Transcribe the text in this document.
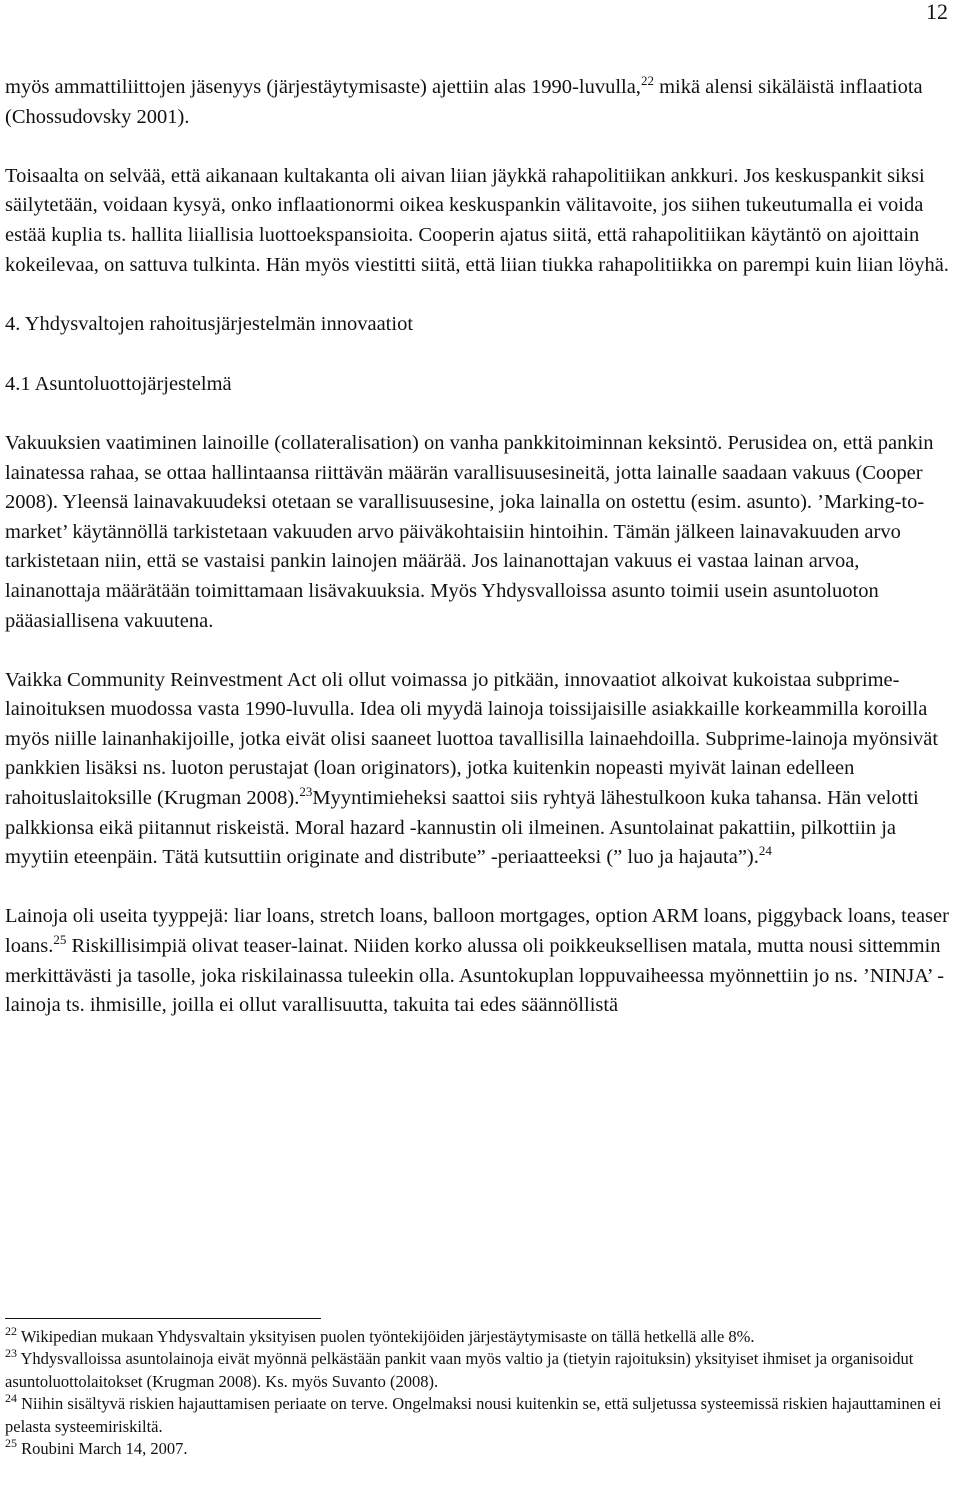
12

myös ammattiliittojen jäsenyys (järjestäytymisaste) ajettiin alas 1990-luvulla,$^{22}$ mikä alensi sikäläistä inflaatiota (Chossudovsky 2001).

Toisaalta on selvää, että aikanaan kultakanta oli aivan liian jäykkä rahapolitiikan ankkuri. Jos keskuspankit siksi säilytetään, voidaan kysyä, onko inflaationormi oikea keskuspankin välitavoite, jos siihen tukeutumalla ei voida estää kuplia ts. hallita liiallisia luottoekspansioita. Cooperin ajatus siitä, että rahapolitiikan käytäntö on ajoittain kokeilevaa, on sattuva tulkinta. Hän myös viestitti siitä, että liian tiukka rahapolitiikka on parempi kuin liian löyhä.

4. Yhdysvaltojen rahoitusjärjestelmän innovaatiot

4.1 Asuntoluottojärjestelmä

Vakuuksien vaatiminen lainoille (collateralisation) on vanha pankkitoiminnan keksintö. Perusidea on, että pankin lainatessa rahaa, se ottaa hallintaansa riittävän määrän varallisuusesineitä, jotta lainalle saadaan vakuus (Cooper 2008). Yleensä lainavakuudeksi otetaan se varallisuusesine, joka lainalla on ostettu (esim. asunto). ’Marking-to-market’ käytännöllä tarkistetaan vakuuden arvo päiväkohtaisiin hintoihin. Tämän jälkeen lainavakuuden arvo tarkistetaan niin, että se vastaisi pankin lainojen määrää. Jos lainanottajan vakuus ei vastaa lainan arvoa, lainanottaja määrätään toimittamaan lisävakuuksia. Myös Yhdysvalloissa asunto toimii usein asuntoluoton pääasiallisena vakuutena.

Vaikka Community Reinvestment Act oli ollut voimassa jo pitkään, innovaatiot alkoivat kukoistaa subprime-lainoituksen muodossa vasta 1990-luvulla. Idea oli myydä lainoja toissijaisille asiakkaille korkeammilla koroilla myös niille lainanhakijoille, jotka eivät olisi saaneet luottoa tavallisilla lainaehdoilla. Subprime-lainoja myönsivät pankkien lisäksi ns. luoton perustajat (loan originators), jotka kuitenkin nopeasti myivät lainan edelleen rahoituslaitoksille (Krugman 2008).$^{23}$Myyntimieheksi saattoi siis ryhtyä lähestulkoon kuka tahansa. Hän velotti palkkionsa eikä piitannut riskeistä. Moral hazard -kannustin oli ilmeinen. Asuntolainat pakattiin, pilkottiin ja myytiin eteenpäin. Tätä kutsuttiin originate and distribute” -periaatteeksi (” luo ja hajauta”).$^{24}$

Lainoja oli useita tyyppejä: liar loans, stretch loans, balloon mortgages, option ARM loans, piggyback loans, teaser loans.$^{25}$ Riskillisimpiä olivat teaser-lainat. Niiden korko alussa oli poikkeuksellisen matala, mutta nousi sittemmin merkittävästi ja tasolle, joka riskilainassa tuleekin olla. Asuntokuplan loppuvaiheessa myönnettiin jo ns. ’NINJA’ -lainoja ts. ihmisille, joilla ei ollut varallisuutta, takuita tai edes säännöllistä

$^{22}$ Wikipedian mukaan Yhdysvaltain yksityisen puolen työntekijöiden järjestäytymisaste on tällä hetkellä alle 8%.

$^{23}$ Yhdysvalloissa asuntolainoja eivät myönnä pelkästään pankit vaan myös valtio ja (tietyin rajoituksin) yksityiset ihmiset ja organisoidut asuntoluottolaitokset (Krugman 2008). Ks. myös Suvanto (2008).

$^{24}$ Niihin sisältyvä riskien hajauttamisen periaate on terve. Ongelmaksi nousi kuitenkin se, että suljetussa systeemissä riskien hajauttaminen ei pelasta systeemiriskiltä.

$^{25}$ Roubini March 14, 2007.
